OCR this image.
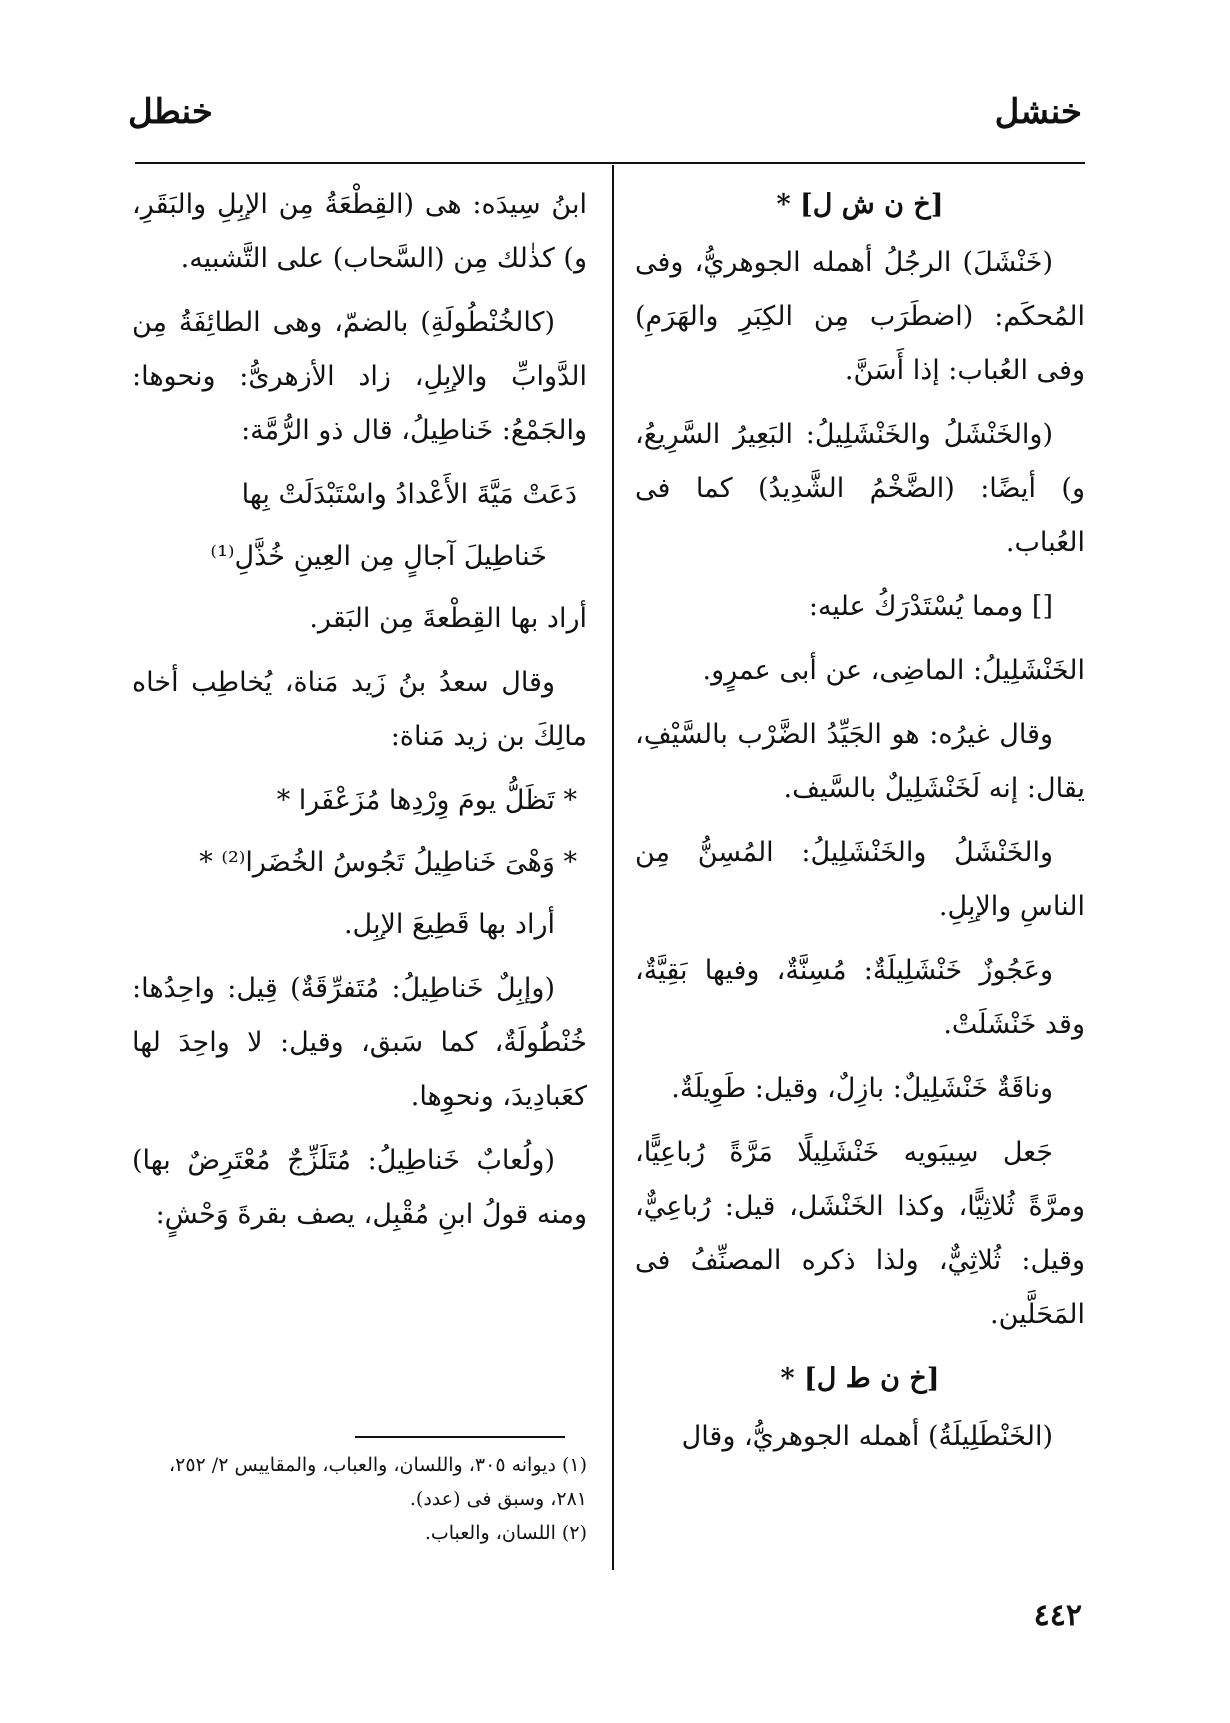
خنشل
خنطل

[خ ن ش ل] *

(خَنْشَلَ) الرجُلُ أهمله الجوهريُّ، وفى المُحكَم: (اضطَرَب مِن الكِبَرِ والهَرَمِ) وفى العُباب: إذا أَسَنَّ.

(والخَنْشَلُ والخَنْشَلِيلُ: البَعِيرُ السَّرِيعُ، و) أيضًا: (الضَّخْمُ الشَّدِيدُ) كما فى العُباب.

[] ومما يُسْتَدْرَكُ عليه:

الخَنْشَلِيلُ: الماضِى، عن أبى عمرٍو.

وقال غيرُه: هو الجَيِّدُ الضَّرْب بالسَّيْفِ، يقال: إنه لَخَنْشَلِيلٌ بالسَّيف.

والخَنْشَلُ والخَنْشَلِيلُ: المُسِنُّ مِن الناسِ والإبِلِ.

وعَجُوزٌ خَنْشَلِيلَةٌ: مُسِنَّةٌ، وفيها بَقِيَّةٌ، وقد خَنْشَلَتْ.

وناقَةٌ خَنْشَلِيلٌ: بازِلٌ، وقيل: طَوِيلَةٌ.

جَعل سِيبَويه خَنْشَلِيلًا مَرَّةً رُباعِيًّا، ومرَّةً ثُلاثِيًّا، وكذا الخَنْشَل، قيل: رُباعِيٌّ، وقيل: ثُلاثِيٌّ، ولذا ذكره المصنِّفُ فى المَحَلَّين.

[خ ن ط ل] *

(الخَنْطَلِيلَةُ) أهمله الجوهريُّ، وقال

ابنُ سِيدَه: هى (القِطْعَةُ مِن الإبِلِ والبَقَرِ، و) كذٰلك مِن (السَّحاب) على التَّشبيه.

(كالخُنْطُولَةِ) بالضمّ، وهى الطائِفَةُ مِن الدَّوابِّ والإبِلِ، زاد الأزهرىُّ: ونحوها: والجَمْعُ: خَناطِيلُ، قال ذو الرُّمَّة:

دَعَتْ مَيَّةَ الأَعْدادُ واسْتَبْدَلَتْ بِها

خَناطِيلَ آجالٍ مِن العِينِ خُذَّلِ⁽¹⁾

أراد بها القِطْعةَ مِن البَقر.

وقال سعدُ بنُ زَيد مَناة، يُخاطِب أخاه مالِكَ بن زيد مَناة:

* تَظَلُّ يومَ وِرْدِها مُزَعْفَرا *

* وَهْىَ خَناطِيلُ تَجُوسُ الخُضَرا⁽²⁾ *

أراد بها قَطِيعَ الإبِل.

(وإبِلٌ خَناطِيلُ: مُتَفرِّقَةٌ) قِيل: واحِدُها: خُنْطُولَةٌ، كما سَبق، وقيل: لا واحِدَ لها كعَبادِيدَ، ونحوِها.

(ولُعابٌ خَناطِيلُ: مُتَلَزِّجٌ مُعْتَرِضٌ بها) ومنه قولُ ابنِ مُقْبِل، يصف بقرةَ وَحْشٍ:

(١) ديوانه ٣٠٥، واللسان، والعباب، والمقاييس ٢/ ٢٥٢، ٢٨١، وسبق فى (عدد).

(٢) اللسان، والعباب.

٤٤٢
